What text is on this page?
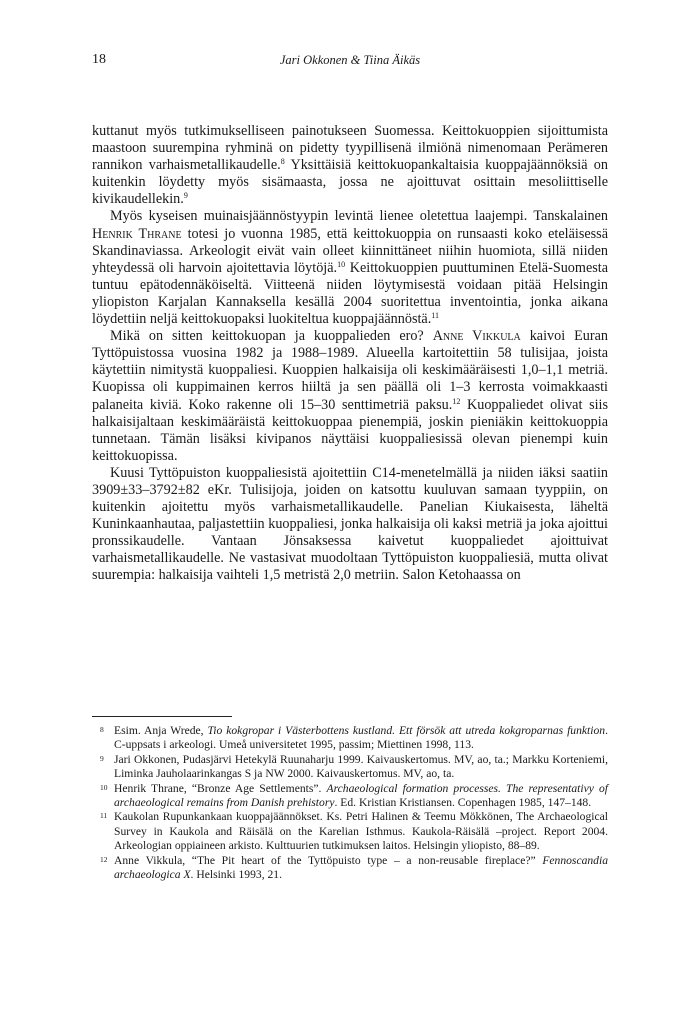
18	Jari Okkonen & Tiina Äikäs

kuttanut myös tutkimukselliseen painotukseen Suomessa. Keittokuoppien sijoittumista maastoon suurempina ryhminä on pidetty tyypillisenä ilmiönä nimenomaan Perämeren rannikon varhaismetallikaudelle.$^8$ Yksittäisiä keittokuopankaltaisia kuoppajäännöksiä on kuitenkin löydetty myös sisämaasta, jossa ne ajoittuvat osittain mesoliittiselle kivikaudellekin.$^9$

Myös kyseisen muinaisjäännöstyypin levintä lienee oletettua laajempi. Tanskalainen Henrik Thrane totesi jo vuonna 1985, että keittokuoppia on runsaasti koko eteläisessä Skandinaviassa. Arkeologit eivät vain olleet kiinnittäneet niihin huomiota, sillä niiden yhteydessä oli harvoin ajoitettavia löytöjä.$^{10}$ Keittokuoppien puuttuminen Etelä-Suomesta tuntuu epätodennäköiseltä. Viitteenä niiden löytymisestä voidaan pitää Helsingin yliopiston Karjalan Kannaksella kesällä 2004 suoritettua inventointia, jonka aikana löydettiin neljä keittokuopaksi luokiteltua kuoppajäännöstä.$^{11}$

Mikä on sitten keittokuopan ja kuoppalieden ero? Anne Vikkula kaivoi Euran Tyttöpuistossa vuosina 1982 ja 1988–1989. Alueella kartoitettiin 58 tulisijaa, joista käytettiin nimitystä kuoppaliesi. Kuoppien halkaisija oli keskimääräisesti 1,0–1,1 metriä. Kuopissa oli kuppimainen kerros hiiltä ja sen päällä oli 1–3 kerrosta voimakkaasti palaneita kiviä. Koko rakenne oli 15–30 senttimetriä paksu.$^{12}$ Kuoppaliedet olivat siis halkaisijaltaan keskimääräistä keittokuoppaa pienempiä, joskin pieniäkin keittokuoppia tunnetaan. Tämän lisäksi kivipanos näyttäisi kuoppaliesissä olevan pienempi kuin keittokuopissa.

Kuusi Tyttöpuiston kuoppaliesistä ajoitettiin C14-menetelmällä ja niiden iäksi saatiin 3909±33–3792±82 eKr. Tulisijoja, joiden on katsottu kuuluvan samaan tyyppiin, on kuitenkin ajoitettu myös varhaismetallikaudelle. Panelian Kiukaisesta, läheltä Kuninkaanhautaa, paljastettiin kuoppaliesi, jonka halkaisija oli kaksi metriä ja joka ajoittui pronssikaudelle. Vantaan Jönsaksessa kaivetut kuoppaliedet ajoittuivat varhaismetallikaudelle. Ne vastasivat muodoltaan Tyttöpuiston kuoppaliesiä, mutta olivat suurempia: halkaisija vaihteli 1,5 metristä 2,0 metriin. Salon Ketohaassa on

8 Esim. Anja Wrede, Tio kokgropar i Västerbottens kustland. Ett försök att utreda kokgroparnas funktion. C-uppsats i arkeologi. Umeå universitetet 1995, passim; Miettinen 1998, 113.

9 Jari Okkonen, Pudasjärvi Hetekylä Ruunaharju 1999. Kaivauskertomus. MV, ao, ta.; Markku Korteniemi, Liminka Jauholaarinkangas S ja NW 2000. Kaivauskertomus. MV, ao, ta.

10 Henrik Thrane, “Bronze Age Settlements”. Archaeological formation processes. The representativy of archaeological remains from Danish prehistory. Ed. Kristian Kristiansen. Copenhagen 1985, 147–148.

11 Kaukolan Rupunkankaan kuoppajäännökset. Ks. Petri Halinen & Teemu Mökkönen, The Archaeological Survey in Kaukola and Räisälä on the Karelian Isthmus. Kaukola-Räisälä –project. Report 2004. Arkeologian oppiaineen arkisto. Kulttuurien tutkimuksen laitos. Helsingin yliopisto, 88–89.

12 Anne Vikkula, “The Pit heart of the Tyttöpuisto type – a non-reusable fireplace?” Fennoscandia archaeologica X. Helsinki 1993, 21.
